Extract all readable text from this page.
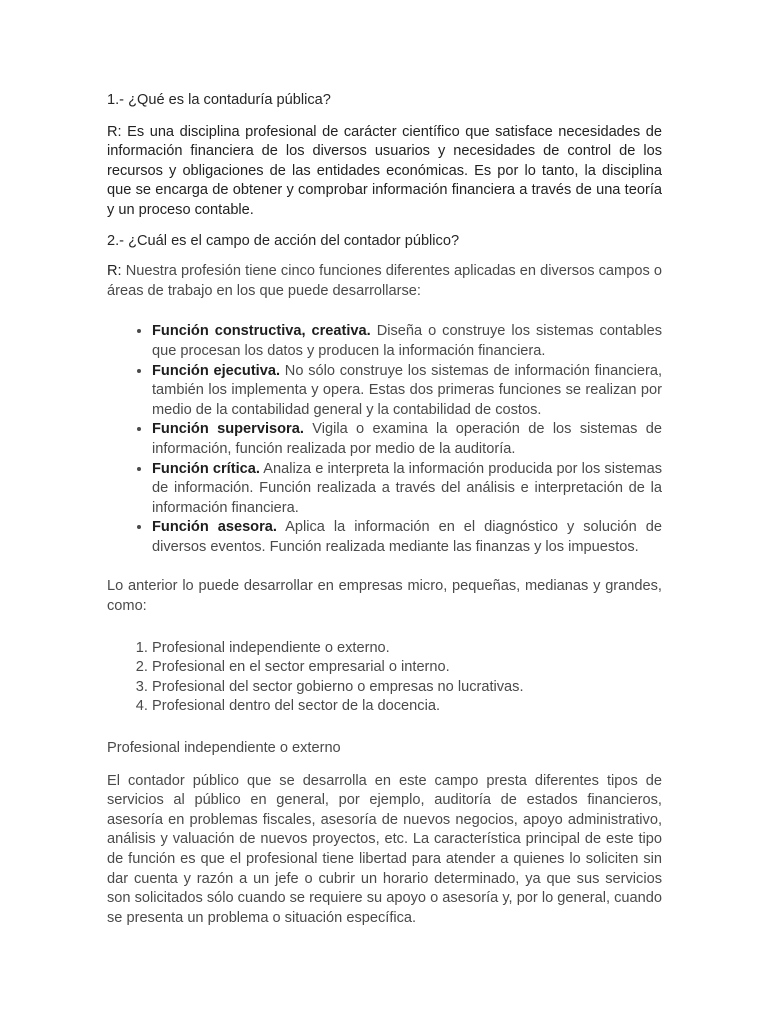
1.- ¿Qué es la contaduría pública?

R: Es una disciplina profesional de carácter científico que satisface necesidades de información financiera de los diversos usuarios y necesidades de control de los recursos y obligaciones de las entidades económicas. Es por lo tanto, la disciplina que se encarga de obtener y comprobar información financiera a través de una teoría y un proceso contable.

2.- ¿Cuál es el campo de acción del contador público?

R: Nuestra profesión tiene cinco funciones diferentes aplicadas en diversos campos o áreas de trabajo en los que puede desarrollarse:

• Función constructiva, creativa. Diseña o construye los sistemas contables que procesan los datos y producen la información financiera.
• Función ejecutiva. No sólo construye los sistemas de información financiera, también los implementa y opera. Estas dos primeras funciones se realizan por medio de la contabilidad general y la contabilidad de costos.
• Función supervisora. Vigila o examina la operación de los sistemas de información, función realizada por medio de la auditoría.
• Función crítica. Analiza e interpreta la información producida por los sistemas de información. Función realizada a través del análisis e interpretación de la información financiera.
• Función asesora. Aplica la información en el diagnóstico y solución de diversos eventos. Función realizada mediante las finanzas y los impuestos.

Lo anterior lo puede desarrollar en empresas micro, pequeñas, medianas y grandes, como:

1. Profesional independiente o externo.
2. Profesional en el sector empresarial o interno.
3. Profesional del sector gobierno o empresas no lucrativas.
4. Profesional dentro del sector de la docencia.

Profesional independiente o externo

El contador público que se desarrolla en este campo presta diferentes tipos de servicios al público en general, por ejemplo, auditoría de estados financieros, asesoría en problemas fiscales, asesoría de nuevos negocios, apoyo administrativo, análisis y valuación de nuevos proyectos, etc. La característica principal de este tipo de función es que el profesional tiene libertad para atender a quienes lo soliciten sin dar cuenta y razón a un jefe o cubrir un horario determinado, ya que sus servicios son solicitados sólo cuando se requiere su apoyo o asesoría y, por lo general, cuando se presenta un problema o situación específica.
